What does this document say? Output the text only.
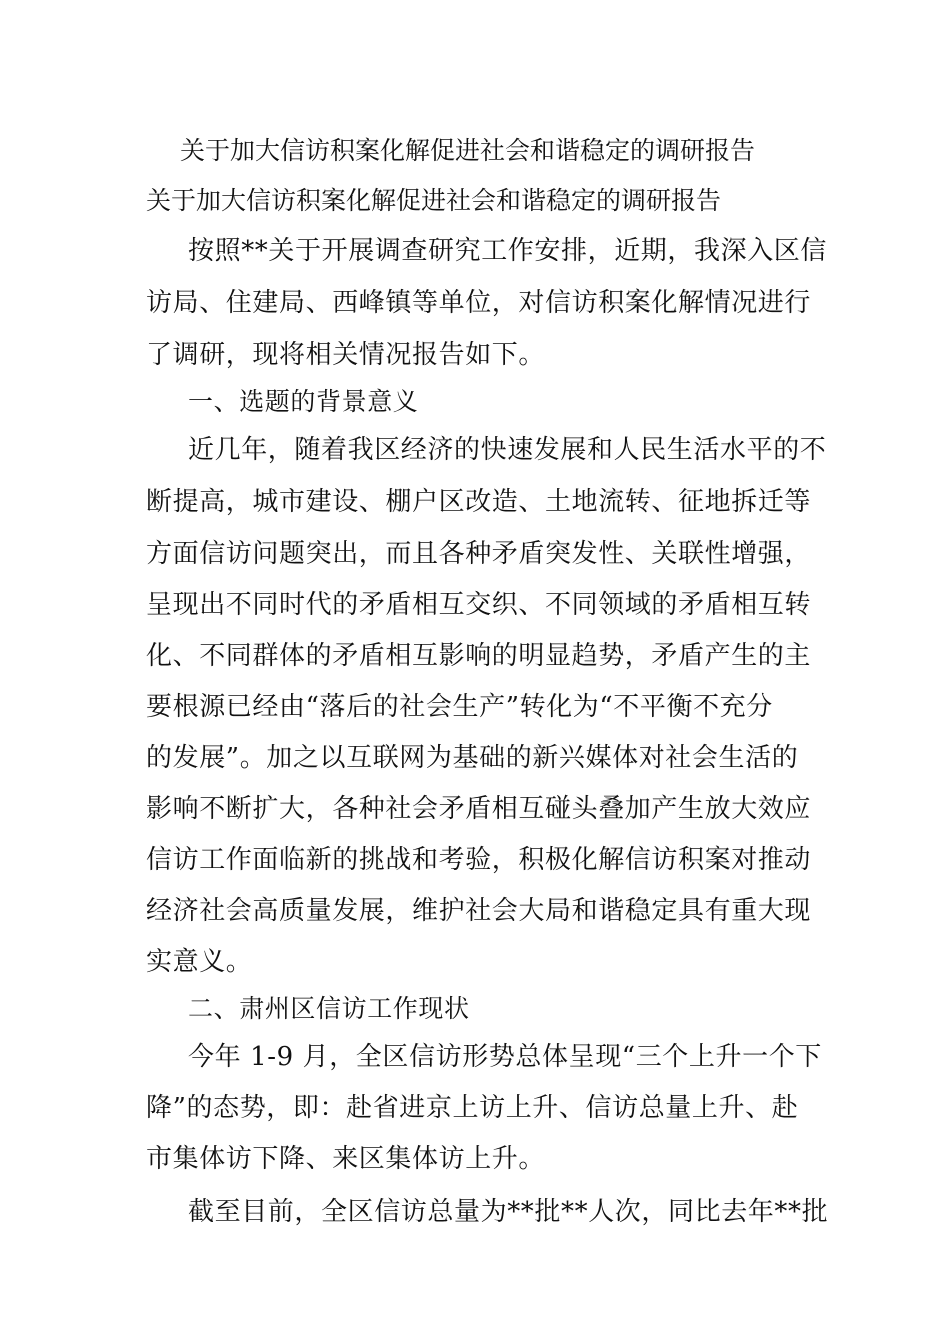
关于加大信访积案化解促进社会和谐稳定的调研报告
关于加大信访积案化解促进社会和谐稳定的调研报告
按照**关于开展调查研究工作安排，近期，我深入区信
访局、住建局、西峰镇等单位，对信访积案化解情况进行
了调研，现将相关情况报告如下。
一、选题的背景意义
近几年，随着我区经济的快速发展和人民生活水平的不
断提高，城市建设、棚户区改造、土地流转、征地拆迁等
方面信访问题突出，而且各种矛盾突发性、关联性增强，
呈现出不同时代的矛盾相互交织、不同领域的矛盾相互转
化、不同群体的矛盾相互影响的明显趋势，矛盾产生的主
要根源已经由“落后的社会生产”转化为“不平衡不充分
的发展”。加之以互联网为基础的新兴媒体对社会生活的
影响不断扩大，各种社会矛盾相互碰头叠加产生放大效应
信访工作面临新的挑战和考验，积极化解信访积案对推动
经济社会高质量发展，维护社会大局和谐稳定具有重大现
实意义。
二、肃州区信访工作现状
今年 1-9 月，全区信访形势总体呈现“三个上升一个下
降”的态势，即：赴省进京上访上升、信访总量上升、赴
市集体访下降、来区集体访上升。
截至目前，全区信访总量为**批**人次，同比去年**批
